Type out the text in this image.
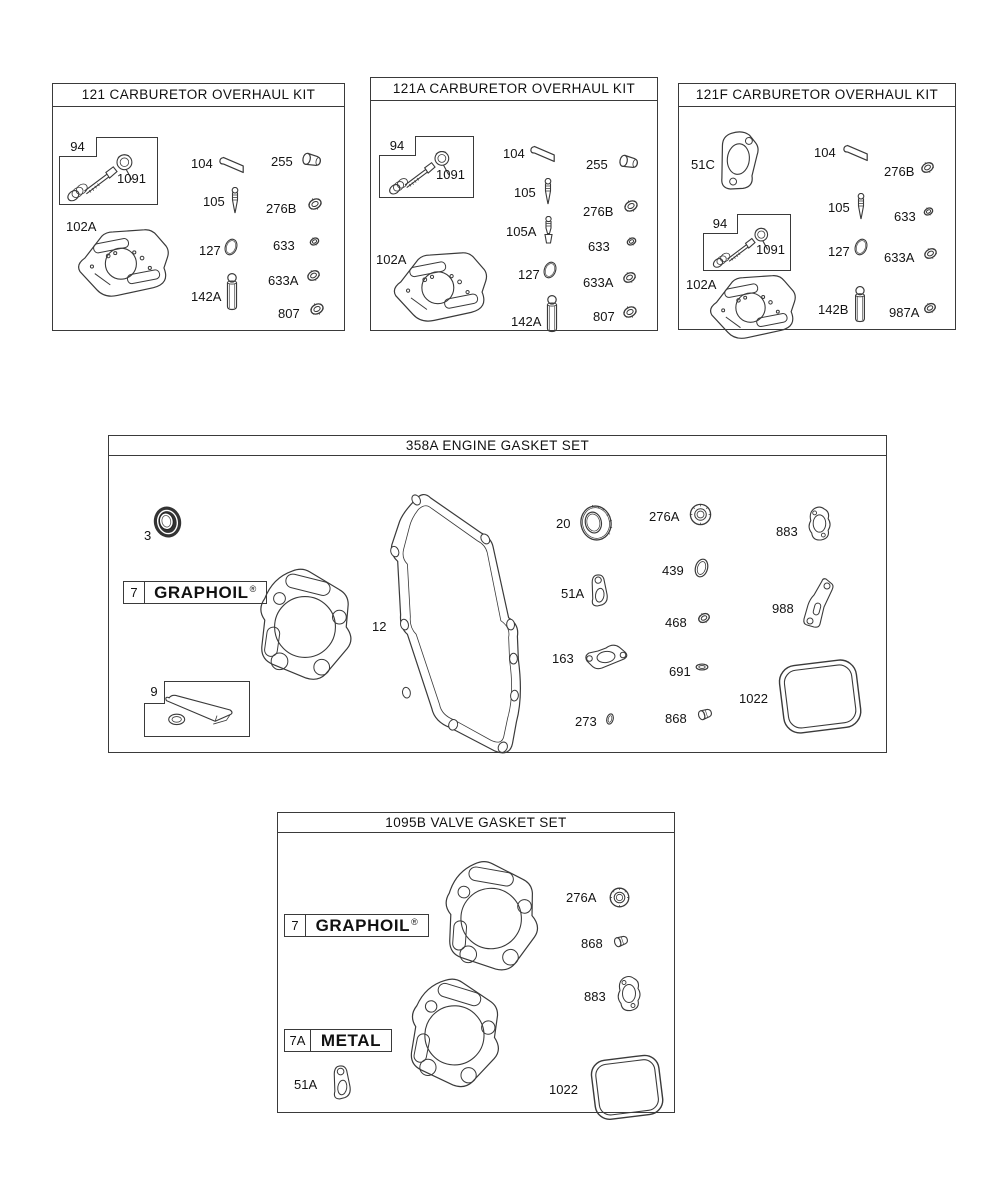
121 CARBURETOR OVERHAUL KIT
94
1091
102A
104	255
105	276B
127	633
633A
142A
807
121A CARBURETOR OVERHAUL KIT
94
1091
104
255
105
276B
105A
633
102A
127
633A
142A	807
121F CARBURETOR OVERHAUL KIT
51C
104
276B
105
633
94
1091	127	633A
102A
142B	987A
358A ENGINE GASKET SET
3
7 GRAPHOIL®
9
12
20	276A
883
439
51A
988
468
163
691
1022
273	868
1095B VALVE GASKET SET
7	GRAPHOIL®
276A
868
883
7A METAL
51A	1022
